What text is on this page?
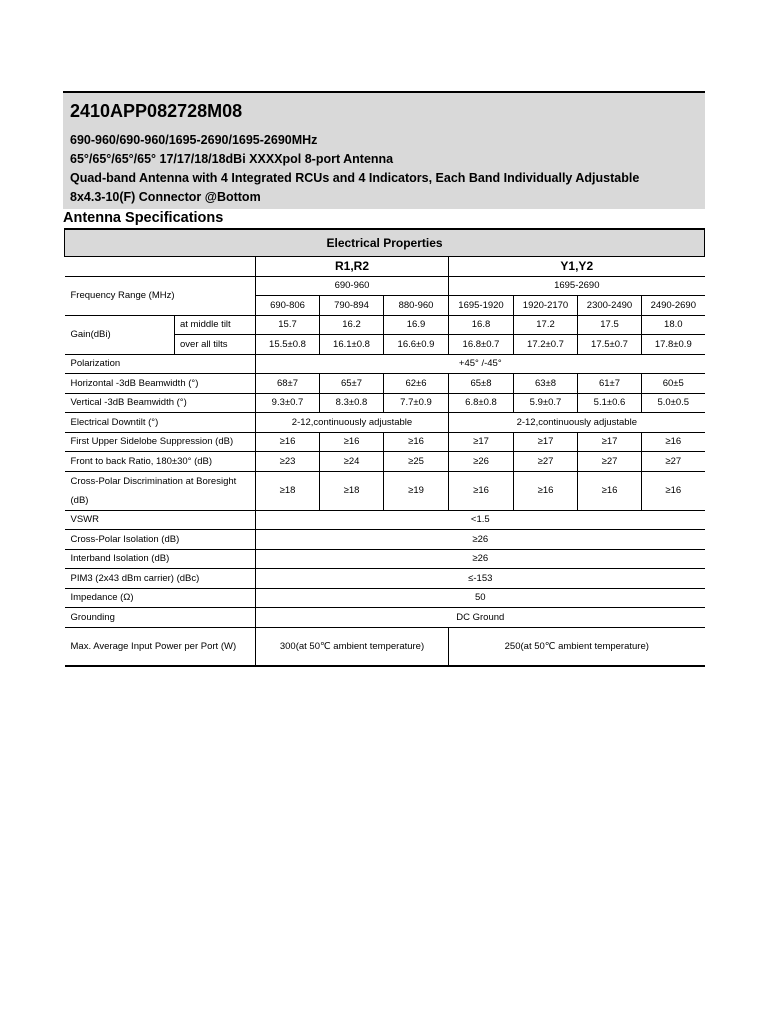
2410APP082728M08
690-960/690-960/1695-2690/1695-2690MHz
65°/65°/65°/65° 17/17/18/18dBi XXXXpol 8-port Antenna
Quad-band Antenna with 4 Integrated RCUs and 4 Indicators, Each Band Individually Adjustable
8x4.3-10(F) Connector @Bottom
Antenna Specifications
Electrical Properties								
		R1,R2			Y1,Y2			
Frequency Range (MHz)		690-960			1695-2690			
		690-806	790-894	880-960	1695-1920	1920-2170	2300-2490	2490-2690
Gain(dBi)	at middle tilt	15.7	16.2	16.9	16.8	17.2	17.5	18.0
	over all tilts	15.5±0.8	16.1±0.8	16.6±0.9	16.8±0.7	17.2±0.7	17.5±0.7	17.8±0.9
Polarization		+45° /-45°						
Horizontal -3dB Beamwidth (°)		68±7	65±7	62±6	65±8	63±8	61±7	60±5
Vertical -3dB Beamwidth (°)		9.3±0.7	8.3±0.8	7.7±0.9	6.8±0.8	5.9±0.7	5.1±0.6	5.0±0.5
Electrical Downtilt (°)		2-12,continuously adjustable			2-12,continuously adjustable			
First Upper Sidelobe Suppression (dB)		≥16	≥16	≥16	≥17	≥17	≥17	≥16
Front to back Ratio, 180±30° (dB)		≥23	≥24	≥25	≥26	≥27	≥27	≥27
Cross-Polar Discrimination at Boresight (dB)		≥18	≥18	≥19	≥16	≥16	≥16	≥16
VSWR		<1.5						
Cross-Polar Isolation (dB)		≥26						
Interband Isolation (dB)		≥26						
PIM3 (2x43 dBm carrier) (dBc)		≤-153						
Impedance (Ω)		50						
Grounding		DC Ground						
Max. Average Input Power per Port (W)		300(at 50℃ ambient temperature)			250(at 50℃ ambient temperature)			
